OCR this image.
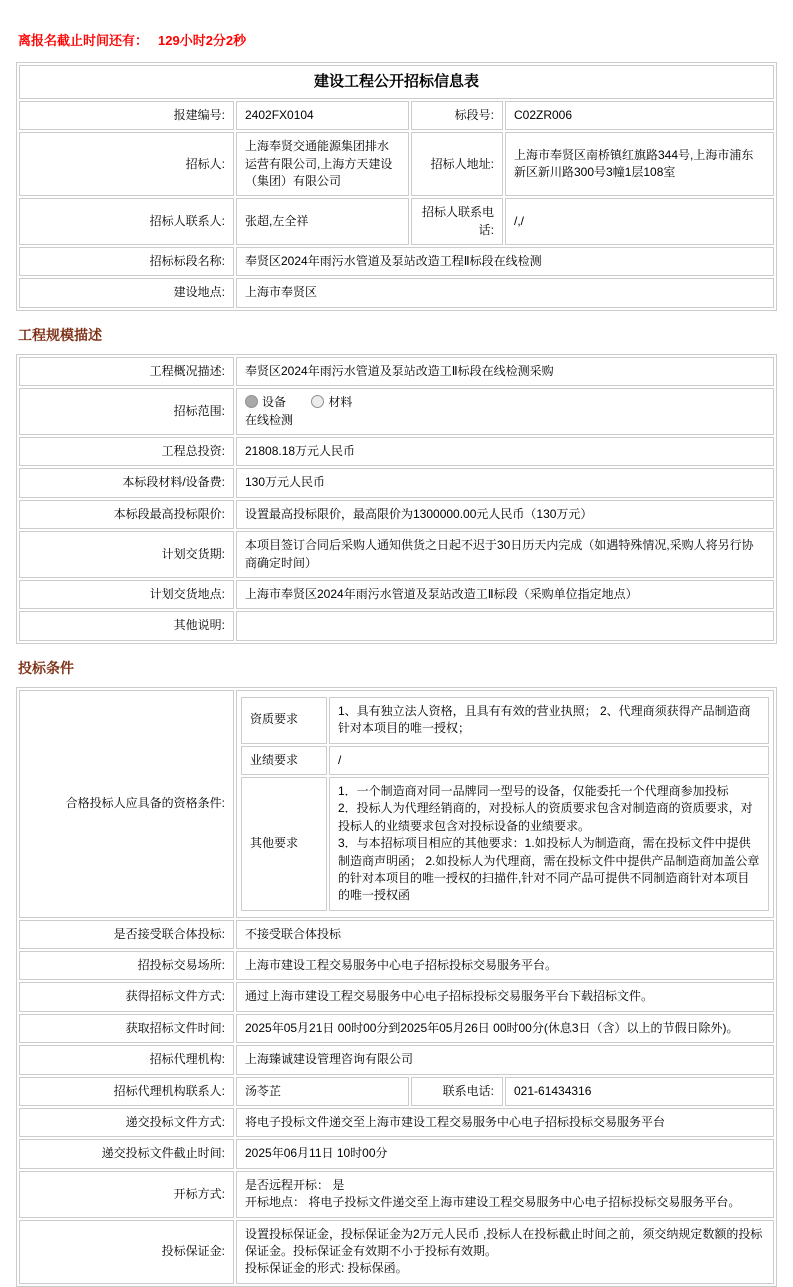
离报名截止时间还有： 129小时2分2秒
建设工程公开招标信息表			
报建编号:	2402FX0104	标段号:	C02ZR006
招标人:	上海奉贤交通能源集团排水运营有限公司,上海方天建设（集团）有限公司	招标人地址:	上海市奉贤区南桥镇红旗路344号,上海市浦东新区新川路300号3幢1层108室
招标人联系人:	张超,左全祥	招标人联系电话:	/,/
招标标段名称:	奉贤区2024年雨污水管道及泵站改造工程Ⅱ标段在线检测		
建设地点:	上海市奉贤区		
工程规模描述
工程概况描述:	奉贤区2024年雨污水管道及泵站改造工Ⅱ标段在线检测采购
招标范围:	设备 材料
在线检测

工程总投资:	21808.18万元人民币
本标段材料/设备费:	130万元人民币
本标段最高投标限价:	设置最高投标限价，最高限价为1300000.00元人民币（130万元）
计划交货期:	本项目签订合同后采购人通知供货之日起不迟于30日历天内完成（如遇特殊情况,采购人将另行协商确定时间）
计划交货地点:	上海市奉贤区2024年雨污水管道及泵站改造工Ⅱ标段（采购单位指定地点）
其他说明:	
投标条件
合格投标人应具备的资格条件:	
资质要求	1、具有独立法人资格，且具有有效的营业执照； 2、代理商须获得产品制造商针对本项目的唯一授权；
业绩要求	/
其他要求	
1．一个制造商对同一品牌同一型号的设备，仅能委托一个代理商参加投标
2．投标人为代理经销商的，对投标人的资质要求包含对制造商的资质要求，对投标人的业绩要求包含对投标设备的业绩要求。
3．与本招标项目相应的其他要求：1.如投标人为制造商，需在投标文件中提供制造商声明函； 2.如投标人为代理商，需在投标文件中提供产品制造商加盖公章的针对本项目的唯一授权的扫描件,针对不同产品可提供不同制造商针对本项目的唯一授权函

是否接受联合体投标:	不接受联合体投标
招投标交易场所:	上海市建设工程交易服务中心电子招标投标交易服务平台。
获得招标文件方式:	通过上海市建设工程交易服务中心电子招标投标交易服务平台下载招标文件。
获取招标文件时间:	2025年05月21日 00时00分到2025年05月26日 00时00分(休息3日（含）以上的节假日除外)。
招标代理机构:	上海臻诚建设管理咨询有限公司
招标代理机构联系人:	汤苓芷	联系电话:	021-61434316
递交投标文件方式:	将电子投标文件递交至上海市建设工程交易服务中心电子招标投标交易服务平台
递交投标文件截止时间:	2025年06月11日 10时00分
开标方式:	
是否远程开标： 是
开标地点： 将电子投标文件递交至上海市建设工程交易服务中心电子招标投标交易服务平台。

投标保证金:	
设置投标保证金，投标保证金为2万元人民币 ,投标人在投标截止时间之前，须交纳规定数额的投标保证金。投标保证金有效期不小于投标有效期。
投标保证金的形式: 投标保函。
